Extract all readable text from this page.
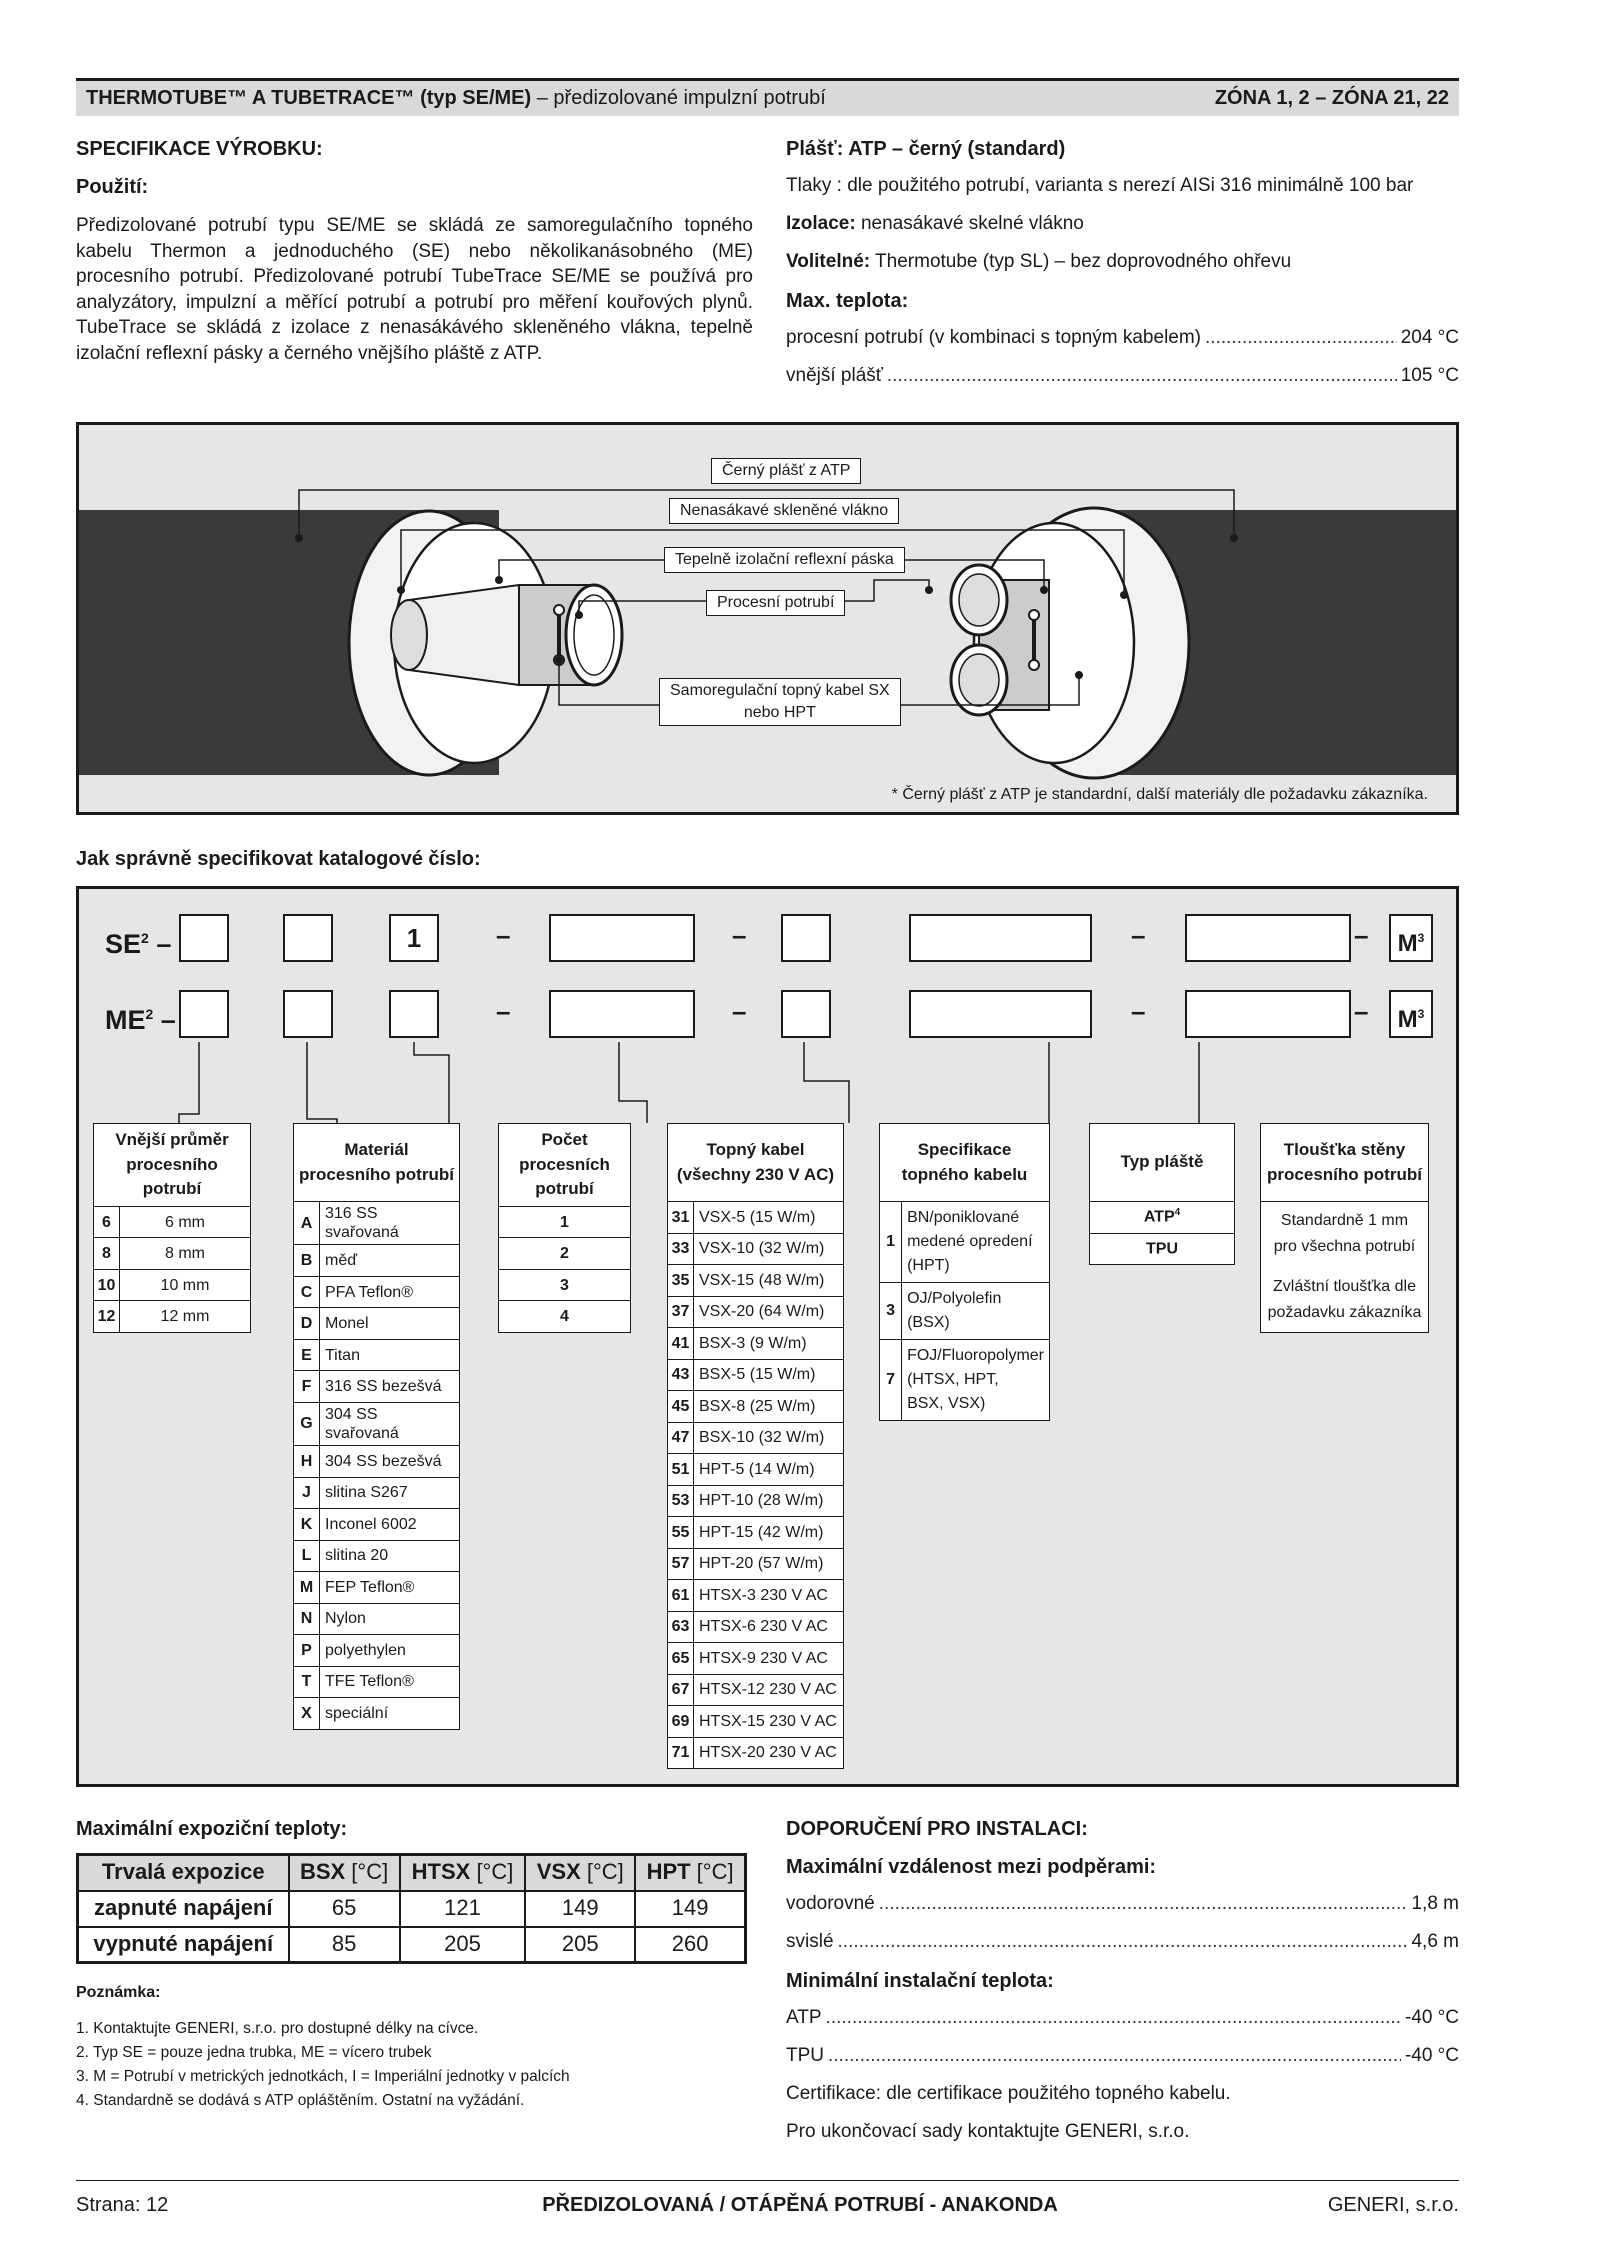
THERMOTUBE™ A TUBETRACE™ (typ SE/ME) – předizolované impulzní potrubí	ZÓNA 1, 2 – ZÓNA 21, 22
SPECIFIKACE VÝROBKU:
Použití:
Předizolované potrubí typu SE/ME se skládá ze samoregulačního topného kabelu Thermon a jednoduchého (SE) nebo několikanásobného (ME) procesního potrubí. Předizolované potrubí TubeTrace SE/ME se používá pro analyzátory, impulzní a měřící potrubí a potrubí pro měření kouřových plynů. TubeTrace se skládá z izolace z nenasákávého skleněného vlákna, tepelně izolační reflexní pásky a černého vnějšího pláště z ATP.
Plášť: ATP – černý (standard)
Tlaky : dle použitého potrubí, varianta s nerezí AISi 316 minimálně 100 bar
Izolace: nenasákavé skelné vlákno
Volitelné: Thermotube (typ SL) – bez doprovodného ohřevu
Max. teplota:
procesní potrubí (v kombinaci s topným kabelem) .....	204 °C
vnější plášť .....	105 °C
Černý plášť z ATP
Nenasákavé skleněné vlákno
Tepelně izolační reflexní páska
Procesní potrubí
Samoregulační topný kabel SX
nebo HPT
* Černý plášť z ATP je standardní, další materiály dle požadavku zákazníka.
Jak správně specifikovat katalogové číslo:
$SE^2$ –	1	–	–	–	–	$M^3$
$ME^2$ –	–	–	–	–	$M^3$
Vnější průměr
procesního potrubí	

6	6 mm
8	8 mm
10	10 mm
12	12 mm
Materiál
procesního potrubí	

A	316 SS svařovaná
B	měď
C	PFA Teflon®
D	Monel
E	Titan
F	316 SS bezešvá
G	304 SS svařovaná
H	304 SS bezešvá
J	slitina S267
K	Inconel 6002
L	slitina 20
M	FEP Teflon®
N	Nylon
P	polyethylen
T	TFE Teflon®
X	speciální
Počet procesních
potrubí

1
2
3
4
Topný kabel
(všechny 230 V AC)	

31	VSX-5 (15 W/m)
33	VSX-10 (32 W/m)
35	VSX-15 (48 W/m)
37	VSX-20 (64 W/m)
41	BSX-3 (9 W/m)
43	BSX-5 (15 W/m)
45	BSX-8 (25 W/m)
47	BSX-10 (32 W/m)
51	HPT-5 (14 W/m)
53	HPT-10 (28 W/m)
55	HPT-15 (42 W/m)
57	HPT-20 (57 W/m)
61	HTSX-3 230 V AC
63	HTSX-6 230 V AC
65	HTSX-9 230 V AC
67	HTSX-12 230 V AC
69	HTSX-15 230 V AC
71	HTSX-20 230 V AC
Specifikace
topného kabelu	

1	BN/poniklované
medené opredení
(HPT)

3	OJ/Polyolefin
(BSX)

7	FOJ/Fluoropolymer
(HTSX, HPT,
BSX, VSX)
Typ pláště
ATP$^4$
TPU
Tloušťka stěny
procesního potrubí

Standardně 1 mm
pro všechna potrubí
Zvláštní tloušťka dle
požadavku zákazníka
Maximální expoziční teploty:
Trvalá expozice	BSX [°C]	HTSX [°C]	VSX [°C]	HPT [°C]
zapnuté napájení	65	121	149	149
vypnuté napájení	85	205	205	260
Poznámka:
1. Kontaktujte GENERI, s.r.o. pro dostupné délky na cívce.
2. Typ SE = pouze jedna trubka, ME = vícero trubek
3. M = Potrubí v metrických jednotkách, I = Imperiální jednotky v palcích
4. Standardně se dodává s ATP opláštěním. Ostatní na vyžádání.
DOPORUČENÍ PRO INSTALACI:
Maximální vzdálenost mezi podpěrami:
vodorovné .....	1,8 m
svislé .....	4,6 m
Minimální instalační teplota:
ATP .....	-40 °C
TPU .....	-40 °C
Certifikace: dle certifikace použitého topného kabelu.
Pro ukončovací sady kontaktujte GENERI, s.r.o.
Strana: 12	PŘEDIZOLOVANÁ / OTÁPĚNÁ POTRUBÍ - ANAKONDA	GENERI, s.r.o.
